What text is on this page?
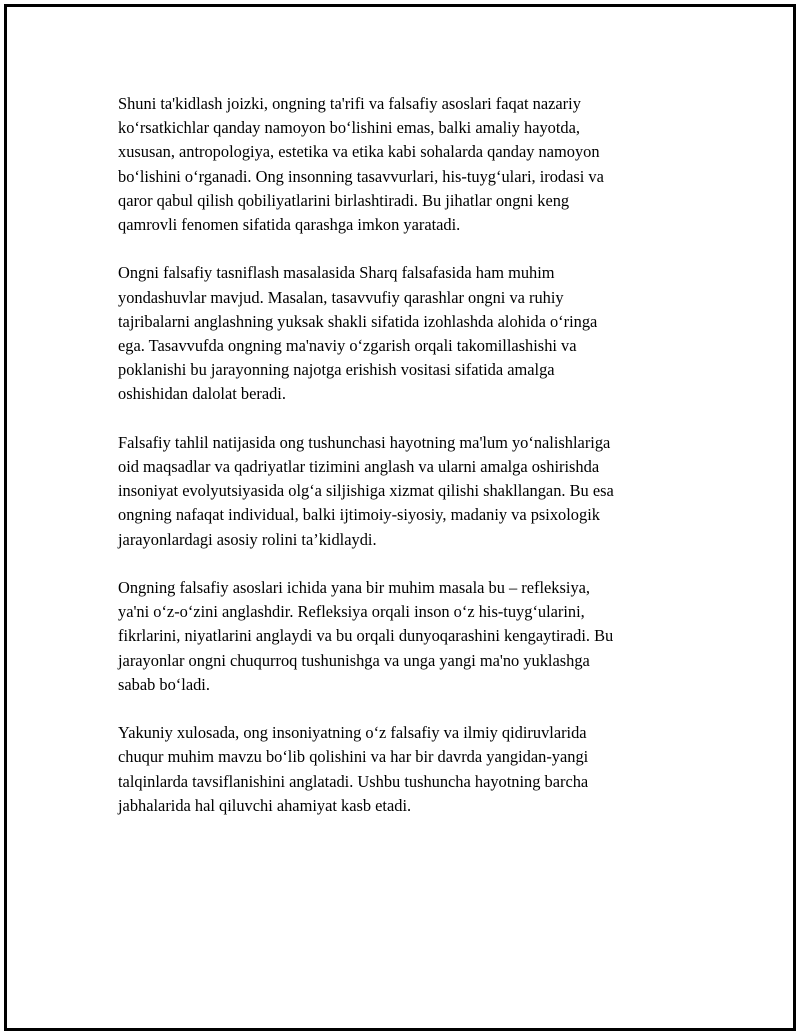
Shuni ta'kidlash joizki, ongning ta'rifi va falsafiy asoslari faqat nazariy
ko‘rsatkichlar qanday namoyon bo‘lishini emas, balki amaliy hayotda,
xususan, antropologiya, estetika va etika kabi sohalarda qanday namoyon
bo‘lishini o‘rganadi. Ong insonning tasavvurlari, his-tuyg‘ulari, irodasi va
qaror qabul qilish qobiliyatlarini birlashtiradi. Bu jihatlar ongni keng
qamrovli fenomen sifatida qarashga imkon yaratadi.

Ongni falsafiy tasniflash masalasida Sharq falsafasida ham muhim
yondashuvlar mavjud. Masalan, tasavvufiy qarashlar ongni va ruhiy
tajribalarni anglashning yuksak shakli sifatida izohlashda alohida o‘ringa
ega. Tasavvufda ongning ma'naviy o‘zgarish orqali takomillashishi va
poklanishi bu jarayonning najotga erishish vositasi sifatida amalga
oshishidan dalolat beradi.

Falsafiy tahlil natijasida ong tushunchasi hayotning ma'lum yo‘nalishlariga
oid maqsadlar va qadriyatlar tizimini anglash va ularni amalga oshirishda
insoniyat evolyutsiyasida olg‘a siljishiga xizmat qilishi shakllangan. Bu esa
ongning nafaqat individual, balki ijtimoiy-siyosiy, madaniy va psixologik
jarayonlardagi asosiy rolini ta’kidlaydi.

Ongning falsafiy asoslari ichida yana bir muhim masala bu – refleksiya,
ya'ni o‘z-o‘zini anglashdir. Refleksiya orqali inson o‘z his-tuyg‘ularini,
fikrlarini, niyatlarini anglaydi va bu orqali dunyoqarashini kengaytiradi. Bu
jarayonlar ongni chuqurroq tushunishga va unga yangi ma'no yuklashga
sabab bo‘ladi.

Yakuniy xulosada, ong insoniyatning o‘z falsafiy va ilmiy qidiruvlarida
chuqur muhim mavzu bo‘lib qolishini va har bir davrda yangidan-yangi
talqinlarda tavsiflanishini anglatadi. Ushbu tushuncha hayotning barcha
jabhalarida hal qiluvchi ahamiyat kasb etadi.
